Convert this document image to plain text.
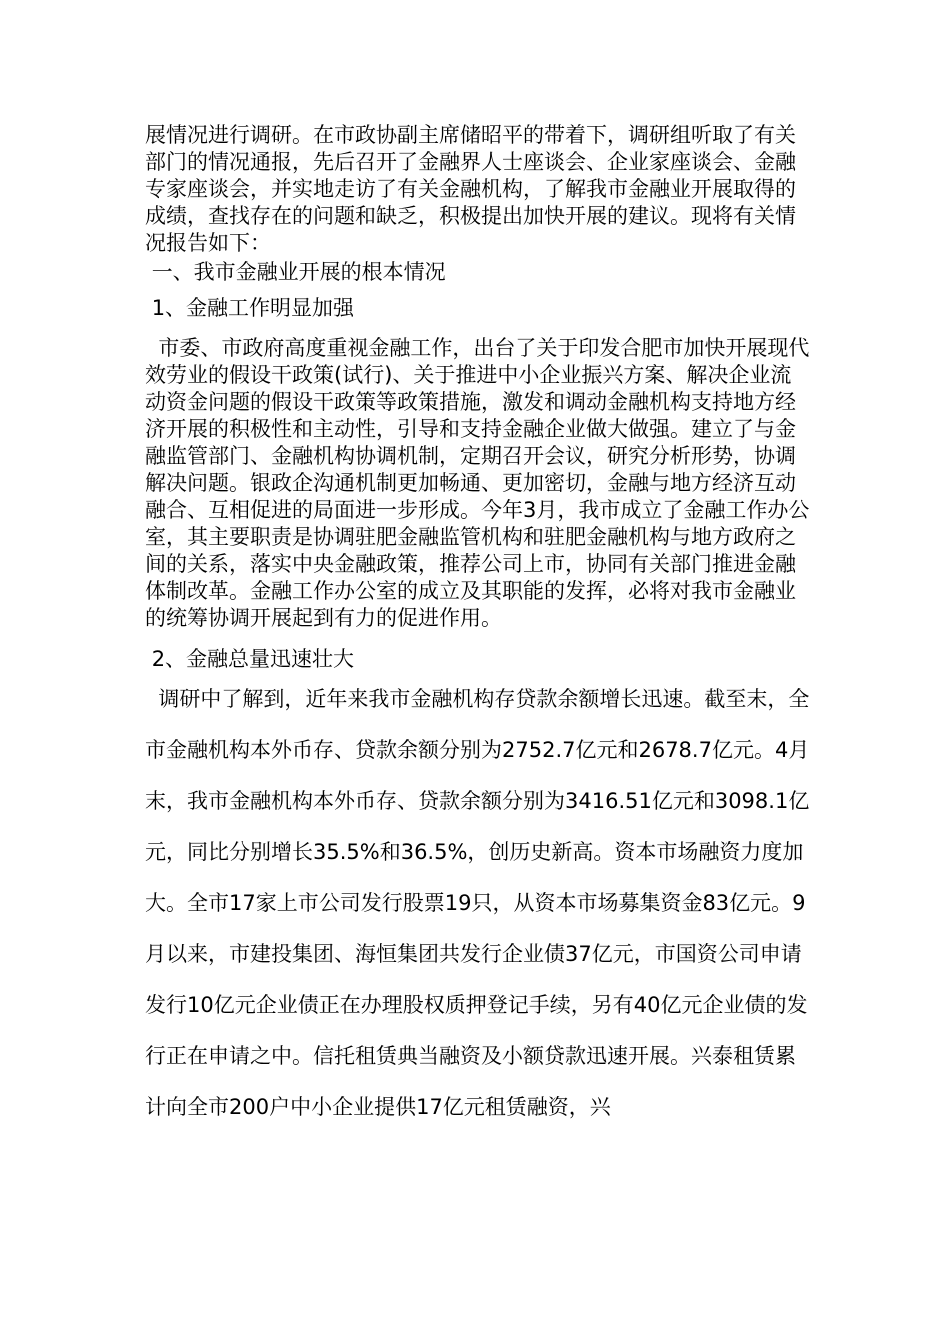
展情况进行调研。在市政协副主席储昭平的带着下，调研组听取了有关部门的情况通报，先后召开了金融界人士座谈会、企业家座谈会、金融专家座谈会，并实地走访了有关金融机构，了解我市金融业开展取得的成绩，查找存在的问题和缺乏，积极提出加快开展的建议。现将有关情况报告如下：

一、我市金融业开展的根本情况

1、金融工作明显加强

市委、市政府高度重视金融工作，出台了关于印发合肥市加快开展现代效劳业的假设干政策(试行)、关于推进中小企业振兴方案、解决企业流动资金问题的假设干政策等政策措施，激发和调动金融机构支持地方经济开展的积极性和主动性，引导和支持金融企业做大做强。建立了与金融监管部门、金融机构协调机制，定期召开会议，研究分析形势，协调解决问题。银政企沟通机制更加畅通、更加密切，金融与地方经济互动融合、互相促进的局面进一步形成。今年3月，我市成立了金融工作办公室，其主要职责是协调驻肥金融监管机构和驻肥金融机构与地方政府之间的关系，落实中央金融政策，推荐公司上市，协同有关部门推进金融体制改革。金融工作办公室的成立及其职能的发挥，必将对我市金融业的统筹协调开展起到有力的促进作用。

2、金融总量迅速壮大

调研中了解到，近年来我市金融机构存贷款余额增长迅速。截至末，全市金融机构本外币存、贷款余额分别为2752.7亿元和2678.7亿元。4月末，我市金融机构本外币存、贷款余额分别为3416.51亿元和3098.1亿元，同比分别增长35.5%和36.5%，创历史新高。资本市场融资力度加大。全市17家上市公司发行股票19只，从资本市场募集资金83亿元。9月以来，市建投集团、海恒集团共发行企业债37亿元，市国资公司申请发行10亿元企业债正在办理股权质押登记手续，另有40亿元企业债的发行正在申请之中。信托租赁典当融资及小额贷款迅速开展。兴泰租赁累计向全市200户中小企业提供17亿元租赁融资，兴
